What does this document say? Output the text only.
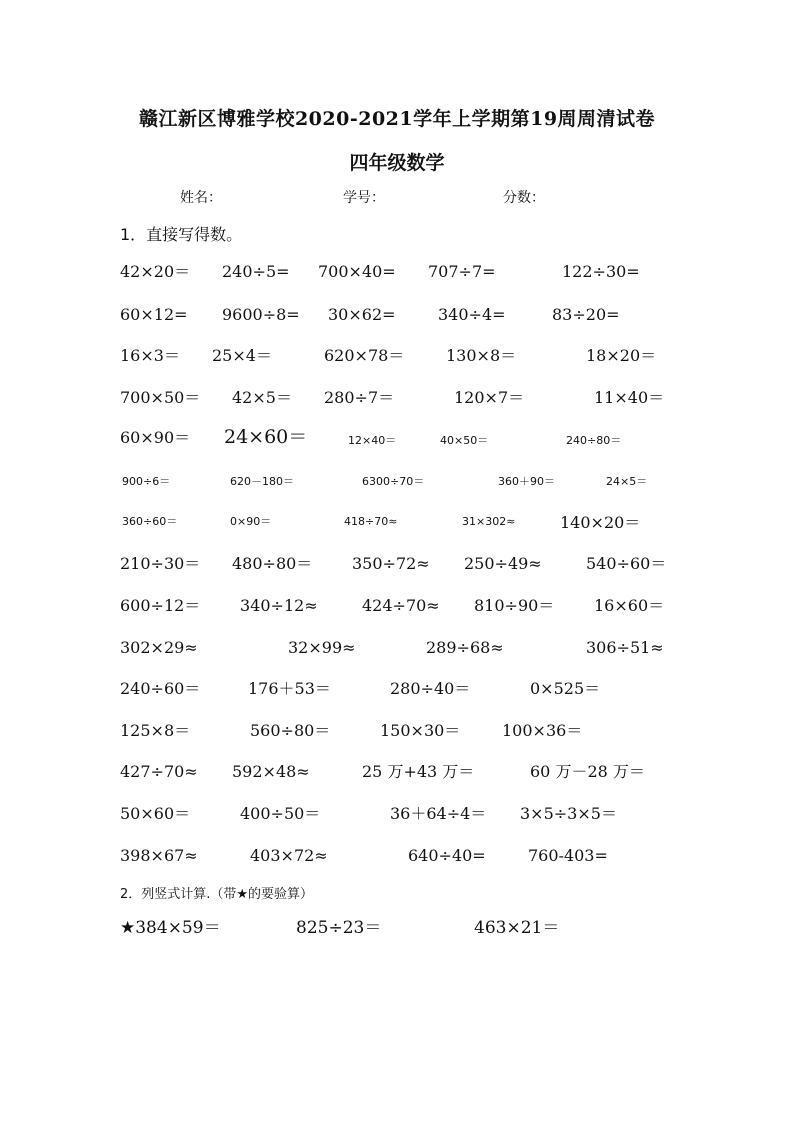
赣江新区博雅学校2020-2021学年上学期第19周周清试卷
四年级数学
姓名：	学号：	分数：
1．直接写得数。
42×20＝ 240÷5= 700×40= 707÷7=	122÷30=
60×12= 9600÷8= 30×62=	340÷4=	83÷20=
16×3＝ 25×4＝	620×78＝	130×8＝	18×20＝
700×50＝ 42×5＝ 280÷7＝	120×7＝	11×40＝
60×90＝ 24×60＝	12×40＝	40×50＝	240÷80＝
900÷6＝	620－180＝	6300÷70＝	360＋90＝	24×5＝
360÷60＝	0×90＝	418÷70≈	31×302≈	140×20＝
210÷30＝ 480÷80＝ 350÷72≈ 250÷49≈	540÷60＝
600÷12＝ 340÷12≈	424÷70≈ 810÷90＝ 16×60＝
302×29≈	32×99≈	289÷68≈	306÷51≈
240÷60＝	176＋53＝	280÷40＝	0×525＝
125×8＝	560÷80＝	150×30＝	100×36＝
427÷70≈ 592×48≈	25 万+43 万＝	60 万－28 万＝
50×60＝	400÷50＝	36＋64÷4＝ 3×5÷3×5＝
398×67≈	403×72≈	640÷40=	760-403=
2．列竖式计算.（带★的要验算）
★384×59＝	825÷23＝	463×21＝
